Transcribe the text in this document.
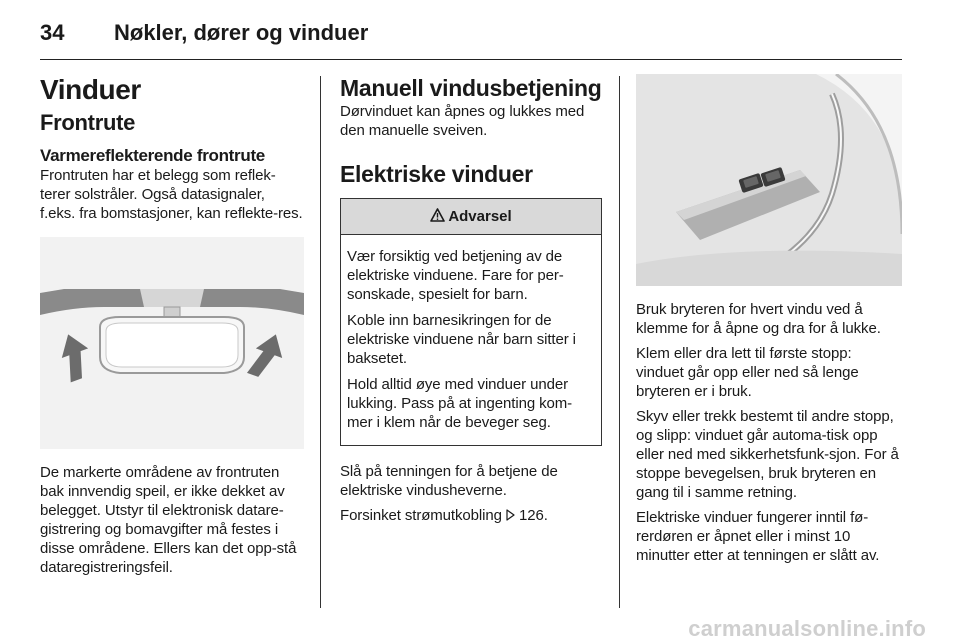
34 Nøkler, dører og vinduer
Vinduer
Frontrute
Varmereflekterende frontrute

Frontruten har et belegg som reflek-terer solstråler. Også datasignaler, f.eks. fra bomstasjoner, kan reflekte-res.

De markerte områdene av frontruten bak innvendig speil, er ikke dekket av belegget. Utstyr til elektronisk datare-gistrering og bomavgifter må festes i disse områdene. Ellers kan det opp-stå dataregistreringsfeil.

Manuell vindusbetjening

Dørvinduet kan åpnes og lukkes med den manuelle sveiven.

Elektriske vinduer
Advarsel

Vær forsiktig ved betjening av de elektriske vinduene. Fare for per-sonskade, spesielt for barn.

Koble inn barnesikringen for de elektriske vinduene når barn sitter i baksetet.

Hold alltid øye med vinduer under lukking. Pass på at ingenting kom-mer i klem når de beveger seg.

Slå på tenningen for å betjene de elektriske vindusheverne.

Forsinket strømutkobling  126.

Bruk bryteren for hvert vindu ved å klemme for å åpne og dra for å lukke.

Klem eller dra lett til første stopp: vinduet går opp eller ned så lenge bryteren er i bruk.

Skyv eller trekk bestemt til andre stopp, og slipp: vinduet går automa-tisk opp eller ned med sikkerhetsfunk-sjon. For å stoppe bevegelsen, bruk bryteren en gang til i samme retning.

Elektriske vinduer fungerer inntil fø-rerdøren er åpnet eller i minst 10 minutter etter at tenningen er slått av.

carmanualsonline.info
